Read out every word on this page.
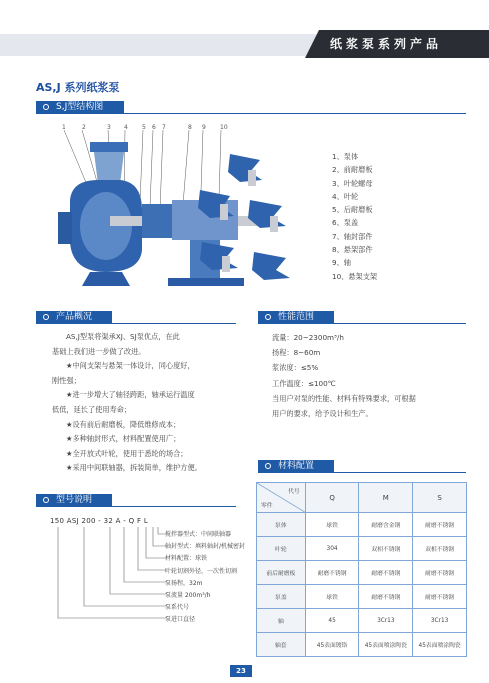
纸浆泵系列产品
AS,J 系列纸浆泵
S,J型结构图
1	2	3 4 5 6 7	8 9 10
1、泵体
2、前耐磨板
3、叶轮螺母
4、叶轮
5、后耐磨板
6、泵盖
7、轴封部件
8、悬架部件
9、轴
10、悬架支架
产品概况
AS,J型泵将渠承XJ、SJ泵优点，在此
基础上我们进一步做了改进。
★中间支架与悬架一体设计，同心度好，
刚性强；
★进一步增大了轴径跨距，轴承运行温度
低低，延长了使用寿命；
★设有前后耐磨板，降低维修成本；
★多种轴封形式，材料配置使用广；
★全开放式叶轮，使用于悉纶的场合；
★采用中间联轴器，拆装简单，维护方便。
性能范围
流量：20~2300m³/h
扬程：8~60m
浆浓度：≤5%
工作温度：≤100℃
当用户对泵的性能、材料有特殊要求，可根据
用户的要求，给予设计和生产。
材料配置
代号
零件	Q	M	S
泵体	球铁	耐磨含金钢	耐磨不锈钢
叶轮	304	双相不锈钢	双相不锈钢
前后耐磨板	耐磨不锈钢	耐磨不锈钢	耐磨不锈钢
泵盖	球铁	耐磨不锈钢	耐磨不锈钢
轴	45	3Cr13	3Cr13
轴套	45表面镀铬	45表面喷涂陶瓷	45表面喷涂陶瓷
型号说明
150 ASJ 200 - 32 A - Q F L
搅拌器型式：中间联轴器
轴封型式：填料轴封/机械密封
材料配置：球铁
叶轮切割外径，一次性切割
泵扬程，32m
泵流量 200m³/h
泵系代号
泵进口直径
23
